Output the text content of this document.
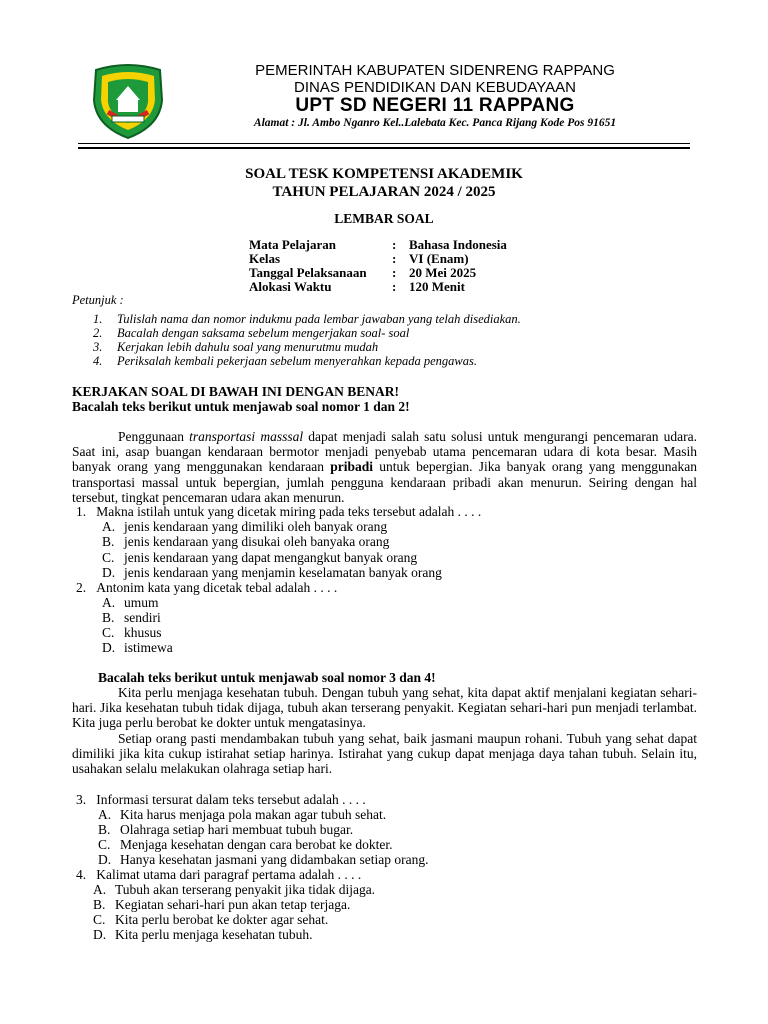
PEMERINTAH KABUPATEN SIDENRENG RAPPANG
DINAS PENDIDIKAN DAN KEBUDAYAAN
UPT SD NEGERI 11 RAPPANG
Alamat : Jl. Ambo Nganro Kel..Lalebata Kec. Panca Rijang Kode Pos 91651
SOAL TESK KOMPETENSI AKADEMIK
TAHUN PELAJARAN 2024 / 2025
LEMBAR SOAL
Mata Pelajaran	: Bahasa Indonesia
Kelas	: VI (Enam)
Tanggal Pelaksanaan : 20 Mei 2025
Alokasi Waktu	: 120 Menit
Petunjuk :
1. Tulislah nama dan nomor indukmu pada lembar jawaban yang telah disediakan.
2. Bacalah dengan saksama sebelum mengerjakan soal- soal
3. Kerjakan lebih dahulu soal yang menurutmu mudah
4. Periksalah kembali pekerjaan sebelum menyerahkan kepada pengawas.
KERJAKAN SOAL DI BAWAH INI DENGAN BENAR!
Bacalah teks berikut untuk menjawab soal nomor 1 dan 2!
Penggunaan transportasi masssal dapat menjadi salah satu solusi untuk mengurangi pencemaran udara. Saat ini, asap buangan kendaraan bermotor menjadi penyebab utama pencemaran udara di kota besar. Masih banyak orang yang menggunakan kendaraan pribadi untuk bepergian. Jika banyak orang yang menggunakan transportasi massal untuk bepergian, jumlah pengguna kendaraan pribadi akan menurun. Seiring dengan hal tersebut, tingkat pencemaran udara akan menurun.
1. Makna istilah untuk yang dicetak miring pada teks tersebut adalah . . . .
A. jenis kendaraan yang dimiliki oleh banyak orang
B. jenis kendaraan yang disukai oleh banyaka orang
C. jenis kendaraan yang dapat mengangkut banyak orang
D. jenis kendaraan yang menjamin keselamatan banyak orang
2. Antonim kata yang dicetak tebal adalah . . . .
A. umum
B. sendiri
C. khusus
D. istimewa
Bacalah teks berikut untuk menjawab soal nomor 3 dan 4!
Kita perlu menjaga kesehatan tubuh. Dengan tubuh yang sehat, kita dapat aktif menjalani kegiatan sehari-hari. Jika kesehatan tubuh tidak dijaga, tubuh akan terserang penyakit. Kegiatan sehari-hari pun menjadi terlambat. Kita juga perlu berobat ke dokter untuk mengatasinya.
Setiap orang pasti mendambakan tubuh yang sehat, baik jasmani maupun rohani. Tubuh yang sehat dapat dimiliki jika kita cukup istirahat setiap harinya. Istirahat yang cukup dapat menjaga daya tahan tubuh. Selain itu, usahakan selalu melakukan olahraga setiap hari.
3. Informasi tersurat dalam teks tersebut adalah . . . .
A. Kita harus menjaga pola makan agar tubuh sehat.
B. Olahraga setiap hari membuat tubuh bugar.
C. Menjaga kesehatan dengan cara berobat ke dokter.
D. Hanya kesehatan jasmani yang didambakan setiap orang.
4. Kalimat utama dari paragraf pertama adalah . . . .
A. Tubuh akan terserang penyakit jika tidak dijaga.
B. Kegiatan sehari-hari pun akan tetap terjaga.
C. Kita perlu berobat ke dokter agar sehat.
D. Kita perlu menjaga kesehatan tubuh.
